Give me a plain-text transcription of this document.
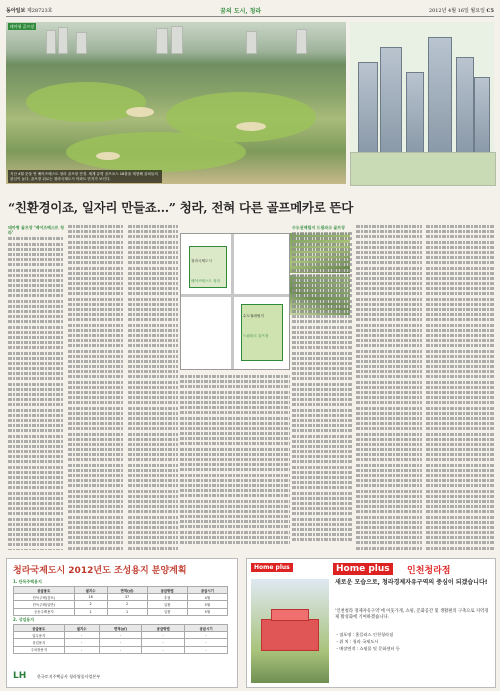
동아일보 제28723호	꿈의 도시, 청라	2012년 4월 16일 월요일 C5
테마형 골프장
지난 4월 문을 연 베어즈베스트 청라 골프장 전경. 세계 유명 골프코스 18홀을 재현해 골퍼들의 관심이 높다. 골프장 뒤로는 청라국제도시 아파트 단지가 보인다.
“친환경이죠, 일자리 만들죠…” 청라, 전혀 다른 골프메카로 뜬다
테마형 골프장 ‘베어즈베스트 청라’
청라국제도시
수도권매립지
드림파크 골프장
베어즈베스트 청라
수도권매립지 드림파크 골프장
청라국제도시 2012년도 조성용지 분양계획
1. 단독주택용지
공급용도	필지수	면적(㎡)	공급방법	공급시기
단독주택(점포)	16	37	추첨	4월
단독주택(일반)	2	2	입찰	5월
공동주택용지	1	1	입찰	5월
2. 상업용지
공급용도	필지수	면적(㎡)	공급방법	공급시기
업무용지	-	-	-	-
상업용지	-	-	-	-
주차장용지	-	-	-	-
LH	한국토지주택공사 청라영종사업본부
Home plus	Home plus	인천청라점
새로운 모습으로, 청라경제자유구역의 중심이 되겠습니다!
‘인천청라 경제자유구역’에 이웃가게, 쇼핑, 문화공간 및 생활편의 구축으로 지역경제 활성화에 기여하겠습니다.
・점포명 : 홈플러스 인천청라점
・위 치 : 청라 국제도시
・매장면적 : 쇼핑몰 및 문화센터 등
